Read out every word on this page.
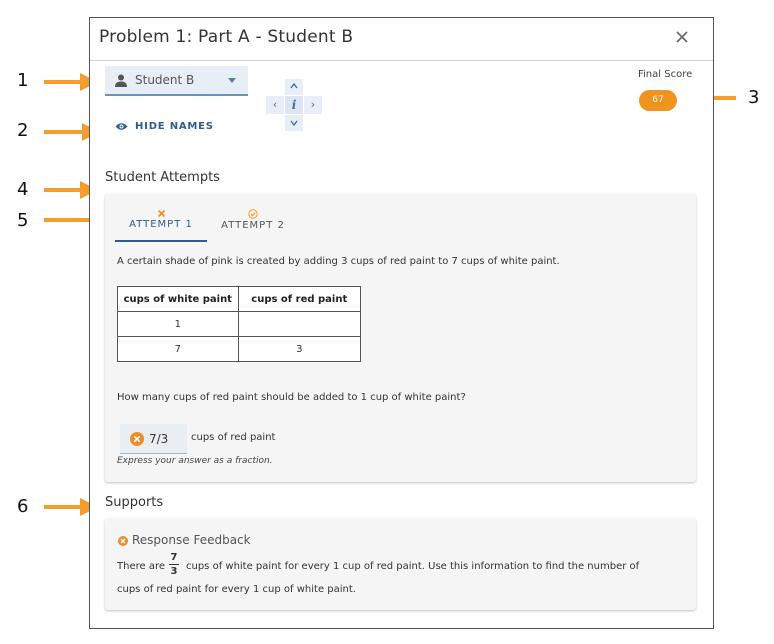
1
2
3
4
5
6
Problem 1: Part A - Student B
Student B
‹	i	›
HIDE NAMES
Final Score
67
Student Attempts
ATTEMPT 1	ATTEMPT 2
A certain shade of pink is created by adding 3 cups of red paint to 7 cups of white paint.
cups of white paint	cups of red paint
1	
7	3
How many cups of red paint should be added to 1 cup of white paint?
7/3 cups of red paint
Express your answer as a fraction.
Supports
Response Feedback
There are
7
3 cups of white paint for every 1 cup of red paint. Use this information to find the number of
cups of red paint for every 1 cup of white paint.
